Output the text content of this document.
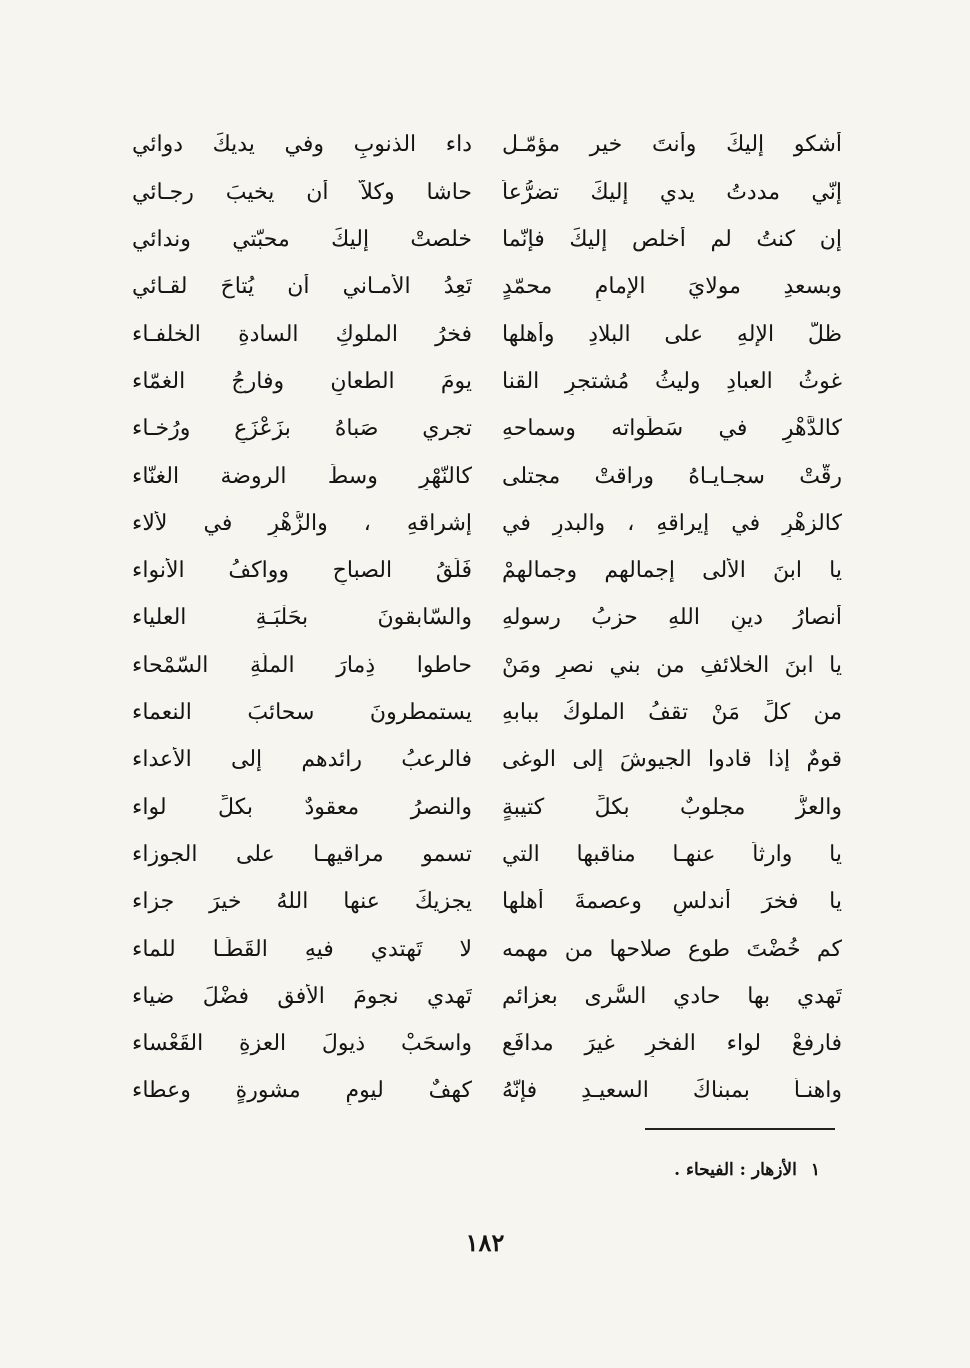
أشكو إليكَ وأنتَ خير مؤمّـل
داء الذنوبِ وفي يديكَ دوائي
إنّي مددتُ يدي إليكَ تضرُّعاً
حاشا وكلاّ أن يخيبَ رجـائي
إن كنتُ لم أُخلص إليكَ فإنّما
خلصتْ إليكَ محبّتي وندائي
وبسعدِ مولايَ الإمامِ محمّدٍ
تَعِدُ الأمـاني أن يُتاحَ لقـائي
ظلُّ الإلهِ على البلادِ وأهلها
فخرُ الملوكِ السادةِ الخلفـاء
غوثُ العبادِ وليثُ مُشتجرِ القنا
يومَ الطعانِ وفارجُ الغمّاء
كالدَّهْرِ في سَطَواته وسماحهِ
تجري صَباهُ بزَعْزَعٍ ورُخـاء
رقّتْ سجـايـاهُ وراقتْ مجتلى
كالنّهْرِ وسطَ الروضة الغنّاء
كالزهْرِ في إيراقهِ ، والبدرِ في
إشراقهِ ، والزُّهْرِ في لألاء
يا ابنَ الألى إجمالهم وجمالهمْ
فَلَقُ الصباحِ وواكفُ الأنواء
أنصارُ دينِ اللهِ حزبُ رسولهِ
والسّابقونَ بحَلْبَـةِ العلياء
يا ابنَ الخلائفِ من بني نصرٍ ومَنْ
حاطوا ذِمارَ الملّةِ السّمْحاء
من كلِّ مَنْ تقفُ الملوكُ ببابهِ
يستمطرونَ سحائبَ النعماء
قومٌ إذا قادوا الجيوشَ إلى الوغى
فالرعبُ رائدهم إلى الأعداء
والعزُّ مجلوبٌ بكلِّ كتيبةٍ
والنصرُ معقودٌ بكلِّ لواء
يا وارثاً عنهـا مناقبها التي
تسمو مراقيهـا على الجوزاء
يا فخرَ أندلسٍ وعصمةَ أهلها
يجزيكَ عنها اللهُ خيرَ جزاء
كم خُضْتَ طوع صلاحها من مهمه
لا تَهتدي فيهِ القَطَـا للماء
تَهدي بها حادي السُّرى بعزائمٍ
تَهدي نجومَ الأفقِ فضْلَ ضياء
فارفعْ لواء الفخرِ غيرَ مدافَعٍ
واسحَبْ ذيولَ العزةِ القَعْساء
واهنـأ بمبناكَ السعيـدِ فإنّهُ
كهفٌ ليومِ مشورةٍ وعطاء
١الأزهار : الفيحاء .
١٨٢
